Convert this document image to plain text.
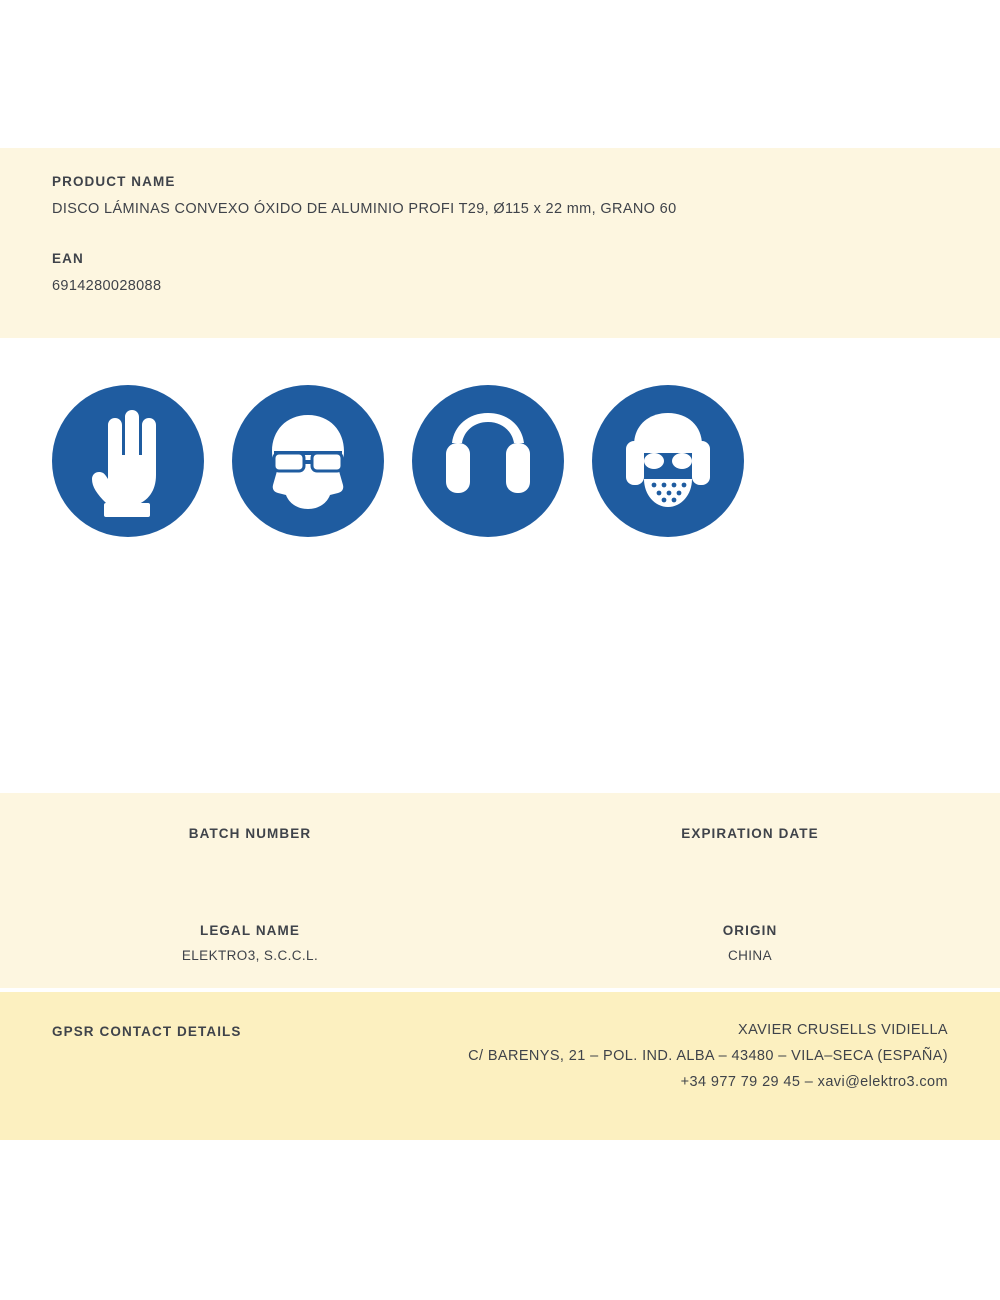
PRODUCT NAME

DISCO LÁMINAS CONVEXO ÓXIDO DE ALUMINIO PROFI T29, Ø115 x 22 mm, GRANO 60

EAN

6914280028088

BATCH NUMBER	EXPIRATION DATE

LEGAL NAME

ELEKTRO3, S.C.C.L.

ORIGIN

CHINA

GPSR CONTACT DETAILS	XAVIER CRUSELLS VIDIELLA

C/ BARENYS, 21 – POL. IND. ALBA – 43480 – VILA–SECA (ESPAÑA)

+34 977 79 29 45 – xavi@elektro3.com
